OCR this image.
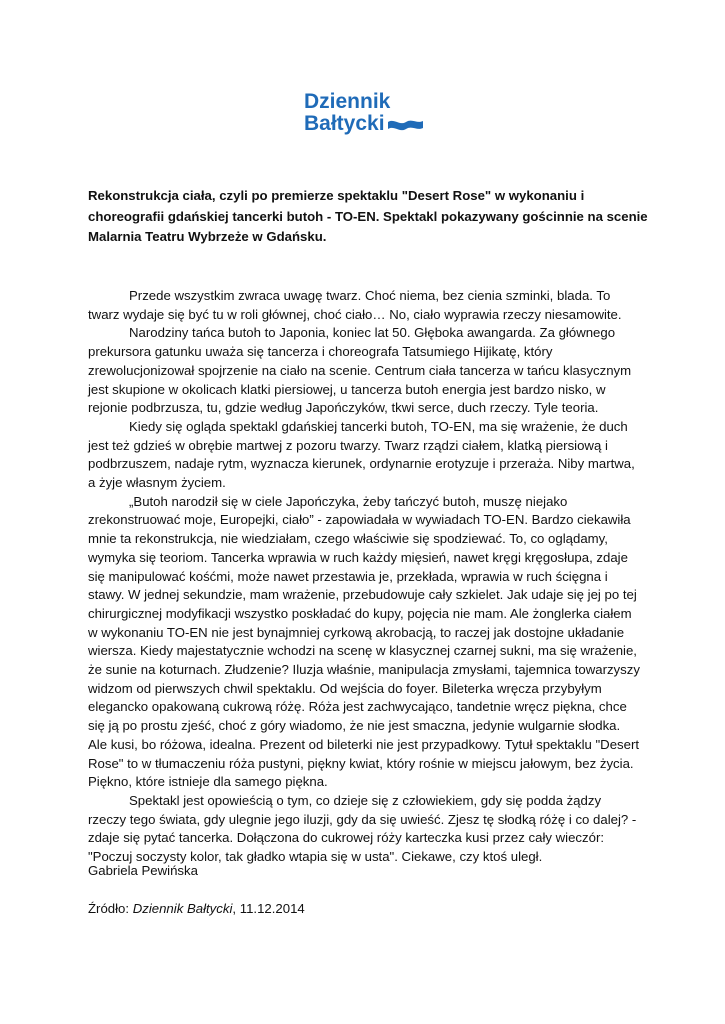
Dziennik
Bałtycki

Rekonstrukcja ciała, czyli po premierze spektaklu "Desert Rose" w wykonaniu i choreografii gdańskiej tancerki butoh - TO-EN. Spektakl pokazywany gościnnie na scenie Malarnia Teatru Wybrzeże w Gdańsku.

Przede wszystkim zwraca uwagę twarz. Choć niema, bez cienia szminki, blada. To twarz wydaje się być tu w roli głównej, choć ciało… No, ciało wyprawia rzeczy niesamowite.

Narodziny tańca butoh to Japonia, koniec lat 50. Głęboka awangarda. Za głównego prekursora gatunku uważa się tancerza i choreografa Tatsumiego Hijikatę, który zrewolucjonizował spojrzenie na ciało na scenie. Centrum ciała tancerza w tańcu klasycznym jest skupione w okolicach klatki piersiowej, u tancerza butoh energia jest bardzo nisko, w rejonie podbrzusza, tu, gdzie według Japończyków, tkwi serce, duch rzeczy. Tyle teoria.

Kiedy się ogląda spektakl gdańskiej tancerki butoh, TO-EN, ma się wrażenie, że duch jest też gdzieś w obrębie martwej z pozoru twarzy. Twarz rządzi ciałem, klatką piersiową i podbrzuszem, nadaje rytm, wyznacza kierunek, ordynarnie erotyzuje i przeraża. Niby martwa, a żyje własnym życiem.

„Butoh narodził się w ciele Japończyka, żeby tańczyć butoh, muszę niejako zrekonstruować moje, Europejki, ciało” - zapowiadała w wywiadach TO-EN. Bardzo ciekawiła mnie ta rekonstrukcja, nie wiedziałam, czego właściwie się spodziewać. To, co oglądamy, wymyka się teoriom. Tancerka wprawia w ruch każdy mięsień, nawet kręgi kręgosłupa, zdaje się manipulować kośćmi, może nawet przestawia je, przekłada, wprawia w ruch ścięgna i stawy. W jednej sekundzie, mam wrażenie, przebudowuje cały szkielet. Jak udaje się jej po tej chirurgicznej modyfikacji wszystko poskładać do kupy, pojęcia nie mam. Ale żonglerka ciałem w wykonaniu TO-EN nie jest bynajmniej cyrkową akrobacją, to raczej jak dostojne układanie wiersza. Kiedy majestatycznie wchodzi na scenę w klasycznej czarnej sukni, ma się wrażenie, że sunie na koturnach. Złudzenie? Iluzja właśnie, manipulacja zmysłami, tajemnica towarzyszy widzom od pierwszych chwil spektaklu. Od wejścia do foyer. Bileterka wręcza przybyłym elegancko opakowaną cukrową różę. Róża jest zachwycająco, tandetnie wręcz piękna, chce się ją po prostu zjeść, choć z góry wiadomo, że nie jest smaczna, jedynie wulgarnie słodka. Ale kusi, bo różowa, idealna. Prezent od bileterki nie jest przypadkowy. Tytuł spektaklu "Desert Rose" to w tłumaczeniu róża pustyni, piękny kwiat, który rośnie w miejscu jałowym, bez życia. Piękno, które istnieje dla samego piękna.

Spektakl jest opowieścią o tym, co dzieje się z człowiekiem, gdy się podda żądzy rzeczy tego świata, gdy ulegnie jego iluzji, gdy da się uwieść. Zjesz tę słodką różę i co dalej? - zdaje się pytać tancerka. Dołączona do cukrowej róży karteczka kusi przez cały wieczór: "Poczuj soczysty kolor, tak gładko wtapia się w usta". Ciekawe, czy ktoś uległ.

Gabriela Pewińska

Źródło: Dziennik Bałtycki, 11.12.2014
